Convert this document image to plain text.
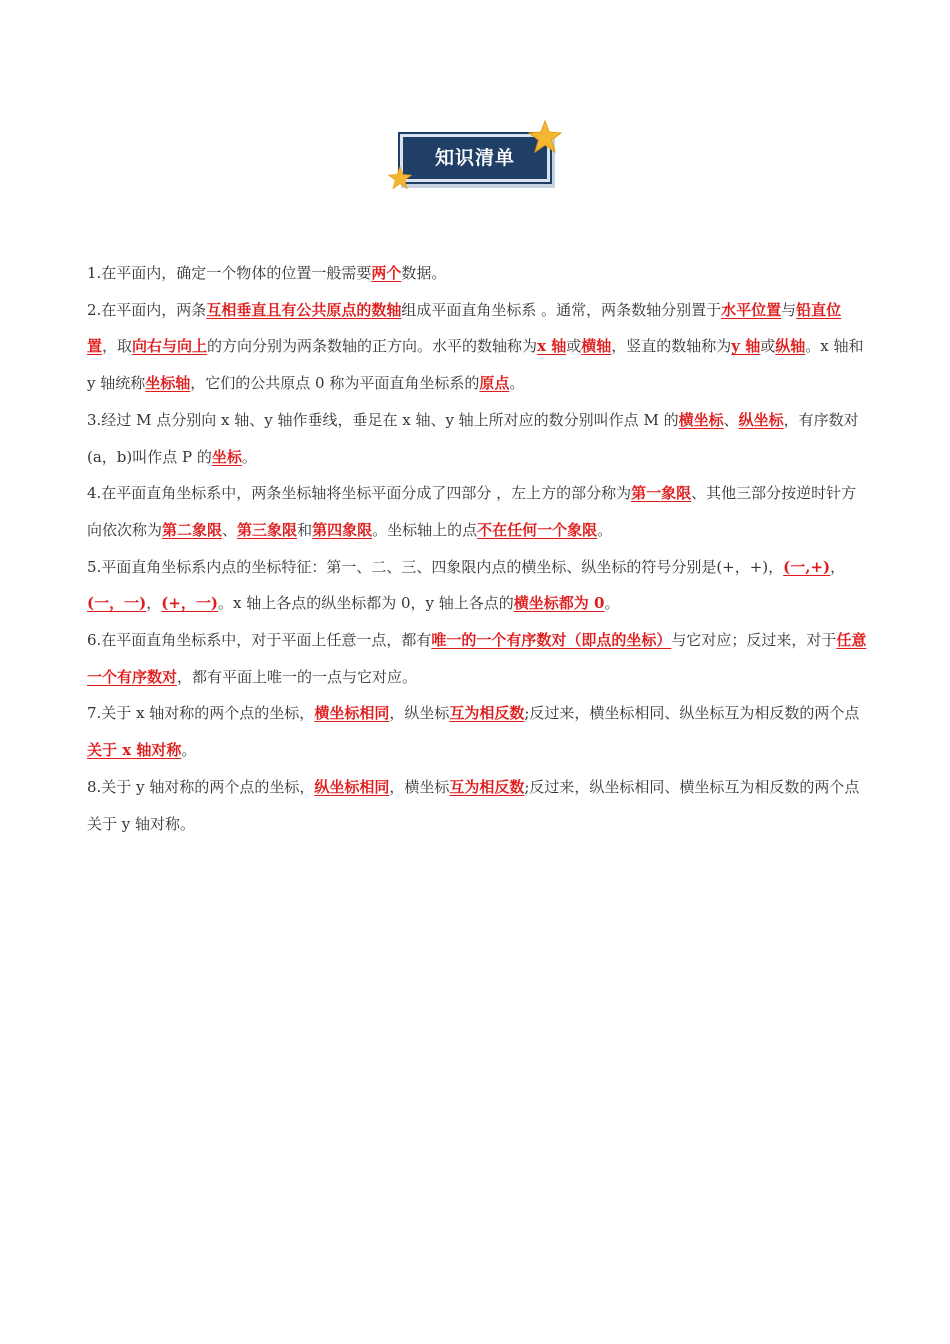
知识清单

1.在平面内，确定一个物体的位置一般需要两个数据。

2.在平面内，两条互相垂直且有公共原点的数轴组成平面直角坐标系 。通常，两条数轴分别置于水平位置与铅直位置，取向右与向上的方向分别为两条数轴的正方向。水平的数轴称为x 轴或横轴，竖直的数轴称为y 轴或纵轴。x 轴和 y 轴统称坐标轴，它们的公共原点 0 称为平面直角坐标系的原点。

3.经过 M 点分别向 x 轴、y 轴作垂线，垂足在 x 轴、y 轴上所对应的数分别叫作点 M 的横坐标、纵坐标，有序数对(a，b)叫作点 P 的坐标。

4.在平面直角坐标系中，两条坐标轴将坐标平面分成了四部分 ，左上方的部分称为第一象限、其他三部分按逆时针方向依次称为第二象限、第三象限和第四象限。坐标轴上的点不在任何一个象限。

5.平面直角坐标系内点的坐标特征：第一、二、三、四象限内点的横坐标、纵坐标的符号分别是(+，+)，(一,+)，(一，一)，(+，一)。x 轴上各点的纵坐标都为 0，y 轴上各点的横坐标都为 0。

6.在平面直角坐标系中，对于平面上任意一点，都有唯一的一个有序数对（即点的坐标）与它对应；反过来，对于任意一个有序数对，都有平面上唯一的一点与它对应。

7.关于 x 轴对称的两个点的坐标，横坐标相同，纵坐标互为相反数;反过来，横坐标相同、纵坐标互为相反数的两个点关于 x 轴对称。

8.关于 y 轴对称的两个点的坐标，纵坐标相同，横坐标互为相反数;反过来，纵坐标相同、横坐标互为相反数的两个点关于 y 轴对称。
